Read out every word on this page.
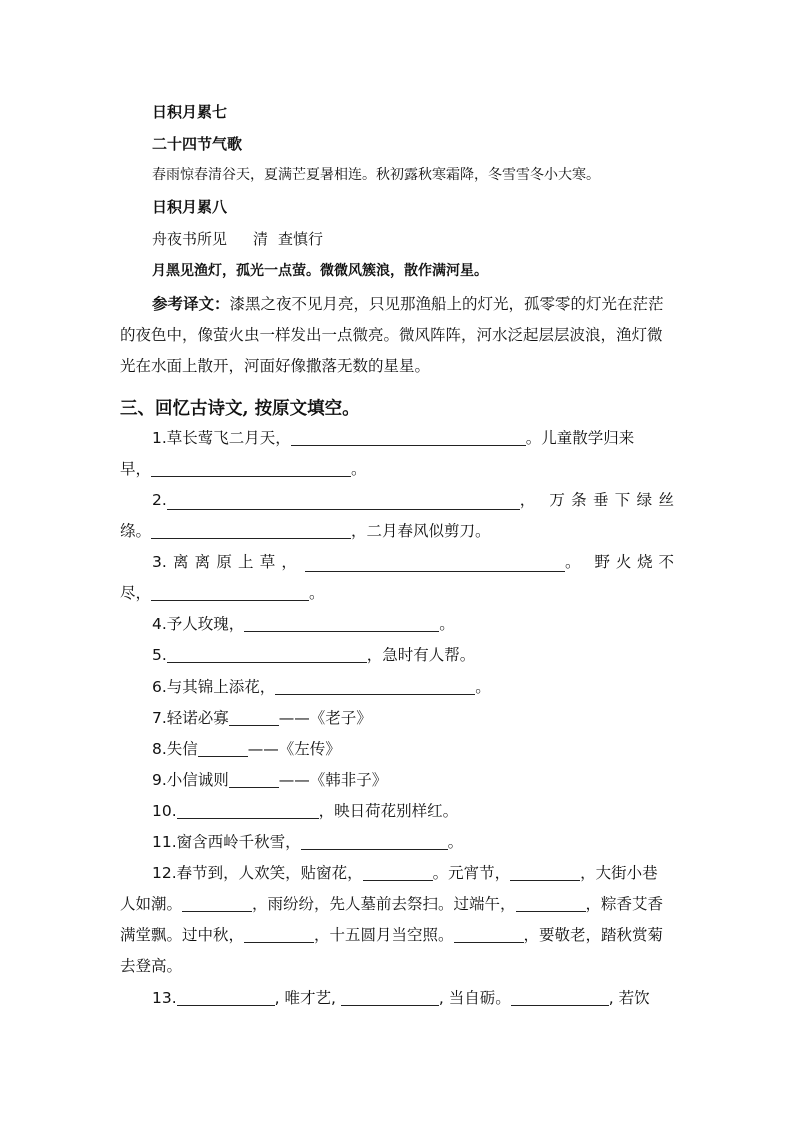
日积月累七
二十四节气歌
春雨惊春清谷天，夏满芒夏暑相连。秋初露秋寒霜降，冬雪雪冬小大寒。
日积月累八
舟夜书所见 清 查慎行
月黑见渔灯，孤光一点萤。微微风簇浪，散作满河星。
参考译文：漆黑之夜不见月亮，只见那渔船上的灯光，孤零零的灯光在茫茫
的夜色中，像萤火虫一样发出一点微亮。微风阵阵，河水泛起层层波浪，渔灯微
光在水面上散开，河面好像撒落无数的星星。
三、回忆古诗文, 按原文填空。
1.草长莺飞二月天，	。儿童散学归来
早，	。
2.	， 万 条 垂 下 绿 丝
绦。	，二月春风似剪刀。
3. 离 离 原 上 草 ，	。 野 火 烧 不
尽，	。
4.予人玫瑰，	。
5.	，急时有人帮。
6.与其锦上添花，	。
7.轻诺必寡	——《老子》
8.失信	——《左传》
9.小信诚则	——《韩非子》
10.	，映日荷花别样红。
11.窗含西岭千秋雪，	。
12.春节到，人欢笑，贴窗花，	。元宵节，	，大街小巷
人如潮。	，雨纷纷，先人墓前去祭扫。过端午，	，粽香艾香
满堂飘。过中秋，	，十五圆月当空照。	，要敬老，踏秋赏菊
去登高。
13.	, 唯才艺,	, 当自砺。	, 若饮
